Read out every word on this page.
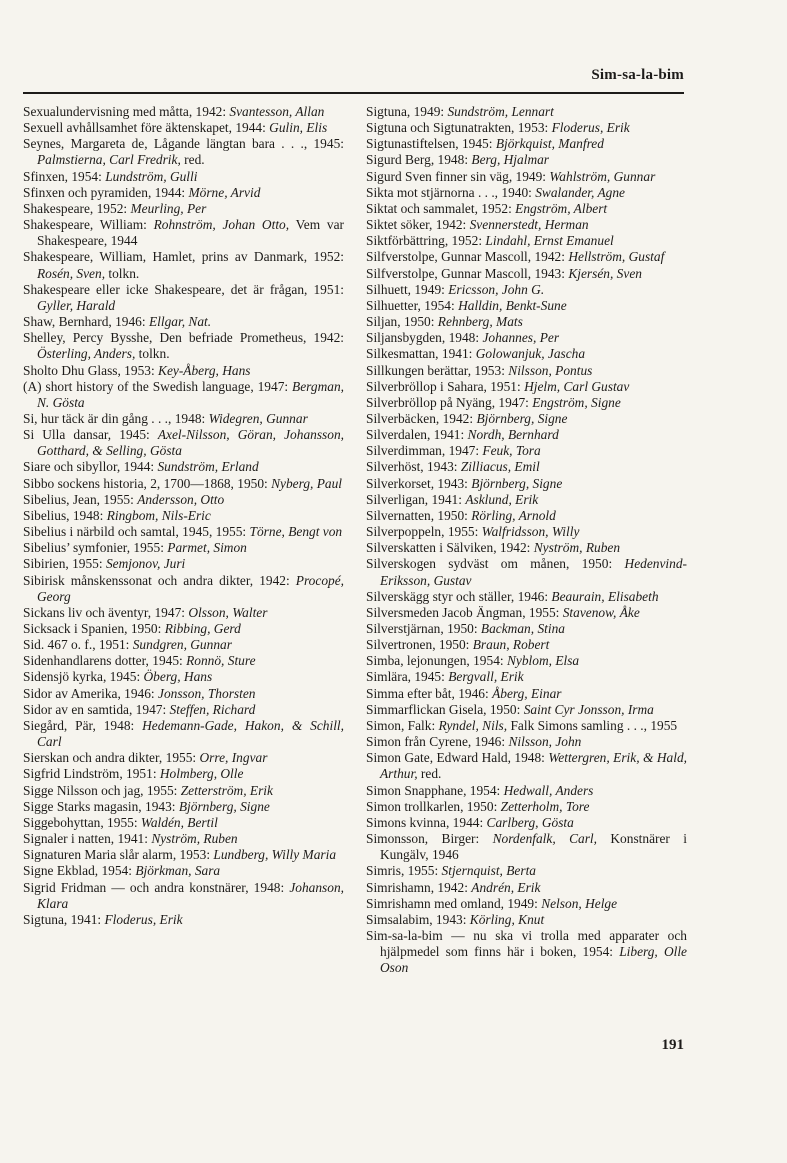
Sim-sa-la-bim

Sexualundervisning med måtta, 1942: Svantesson, Allan

Sexuell avhållsamhet före äktenskapet, 1944: Gulin, Elis

Seynes, Margareta de, Lågande längtan bara . . ., 1945: Palmstierna, Carl Fredrik, red.

Sfinxen, 1954: Lundström, Gulli

Sfinxen och pyramiden, 1944: Mörne, Arvid

Shakespeare, 1952: Meurling, Per

Shakespeare, William: Rohnström, Johan Otto, Vem var Shakespeare, 1944

Shakespeare, William, Hamlet, prins av Danmark, 1952: Rosén, Sven, tolkn.

Shakespeare eller icke Shakespeare, det är frågan, 1951: Gyller, Harald

Shaw, Bernhard, 1946: Ellgar, Nat.

Shelley, Percy Bysshe, Den befriade Prometheus, 1942: Österling, Anders, tolkn.

Sholto Dhu Glass, 1953: Key-Åberg, Hans

(A) short history of the Swedish language, 1947: Bergman, N. Gösta

Si, hur täck är din gång . . ., 1948: Widegren, Gunnar

Si Ulla dansar, 1945: Axel-Nilsson, Göran, Johansson, Gotthard, & Selling, Gösta

Siare och sibyllor, 1944: Sundström, Erland

Sibbo sockens historia, 2, 1700—1868, 1950: Nyberg, Paul

Sibelius, Jean, 1955: Andersson, Otto

Sibelius, 1948: Ringbom, Nils-Eric

Sibelius i närbild och samtal, 1945, 1955: Törne, Bengt von

Sibelius’ symfonier, 1955: Parmet, Simon

Sibirien, 1955: Semjonov, Juri

Sibirisk månskenssonat och andra dikter, 1942: Procopé, Georg

Sickans liv och äventyr, 1947: Olsson, Walter

Sicksack i Spanien, 1950: Ribbing, Gerd

Sid. 467 o. f., 1951: Sundgren, Gunnar

Sidenhandlarens dotter, 1945: Ronnö, Sture

Sidensjö kyrka, 1945: Öberg, Hans

Sidor av Amerika, 1946: Jonsson, Thorsten

Sidor av en samtida, 1947: Steffen, Richard

Siegård, Pär, 1948: Hedemann-Gade, Hakon, & Schill, Carl

Sierskan och andra dikter, 1955: Orre, Ingvar

Sigfrid Lindström, 1951: Holmberg, Olle

Sigge Nilsson och jag, 1955: Zetterström, Erik

Sigge Starks magasin, 1943: Björnberg, Signe

Siggebohyttan, 1955: Waldén, Bertil

Signaler i natten, 1941: Nyström, Ruben

Signaturen Maria slår alarm, 1953: Lundberg, Willy Maria

Signe Ekblad, 1954: Björkman, Sara

Sigrid Fridman — och andra konstnärer, 1948: Johanson, Klara

Sigtuna, 1941: Floderus, Erik

Sigtuna, 1949: Sundström, Lennart

Sigtuna och Sigtunatrakten, 1953: Floderus, Erik

Sigtunastiftelsen, 1945: Björkquist, Manfred

Sigurd Berg, 1948: Berg, Hjalmar

Sigurd Sven finner sin väg, 1949: Wahlström, Gunnar

Sikta mot stjärnorna . . ., 1940: Swalander, Agne

Siktat och sammalet, 1952: Engström, Albert

Siktet söker, 1942: Svennerstedt, Herman

Siktförbättring, 1952: Lindahl, Ernst Emanuel

Silfverstolpe, Gunnar Mascoll, 1942: Hellström, Gustaf

Silfverstolpe, Gunnar Mascoll, 1943: Kjersén, Sven

Silhuett, 1949: Ericsson, John G.

Silhuetter, 1954: Halldin, Benkt-Sune

Siljan, 1950: Rehnberg, Mats

Siljansbygden, 1948: Johannes, Per

Silkesmattan, 1941: Golowanjuk, Jascha

Sillkungen berättar, 1953: Nilsson, Pontus

Silverbröllop i Sahara, 1951: Hjelm, Carl Gustav

Silverbröllop på Nyäng, 1947: Engström, Signe

Silverbäcken, 1942: Björnberg, Signe

Silverdalen, 1941: Nordh, Bernhard

Silverdimman, 1947: Feuk, Tora

Silverhöst, 1943: Zilliacus, Emil

Silverkorset, 1943: Björnberg, Signe

Silverligan, 1941: Asklund, Erik

Silvernatten, 1950: Rörling, Arnold

Silverpoppeln, 1955: Walfridsson, Willy

Silverskatten i Sälviken, 1942: Nyström, Ruben

Silverskogen sydväst om månen, 1950: Hedenvind-Eriksson, Gustav

Silverskägg styr och ställer, 1946: Beaurain, Elisabeth

Silversmeden Jacob Ängman, 1955: Stavenow, Åke

Silverstjärnan, 1950: Backman, Stina

Silvertronen, 1950: Braun, Robert

Simba, lejonungen, 1954: Nyblom, Elsa

Simlära, 1945: Bergvall, Erik

Simma efter båt, 1946: Åberg, Einar

Simmarflickan Gisela, 1950: Saint Cyr Jonsson, Irma

Simon, Falk: Ryndel, Nils, Falk Simons samling . . ., 1955

Simon från Cyrene, 1946: Nilsson, John

Simon Gate, Edward Hald, 1948: Wettergren, Erik, & Hald, Arthur, red.

Simon Snapphane, 1954: Hedwall, Anders

Simon trollkarlen, 1950: Zetterholm, Tore

Simons kvinna, 1944: Carlberg, Gösta

Simonsson, Birger: Nordenfalk, Carl, Konstnärer i Kungälv, 1946

Simris, 1955: Stjernquist, Berta

Simrishamn, 1942: Andrén, Erik

Simrishamn med omland, 1949: Nelson, Helge

Simsalabim, 1943: Körling, Knut

Sim-sa-la-bim — nu ska vi trolla med apparater och hjälpmedel som finns här i boken, 1954: Liberg, Olle Oson

191
